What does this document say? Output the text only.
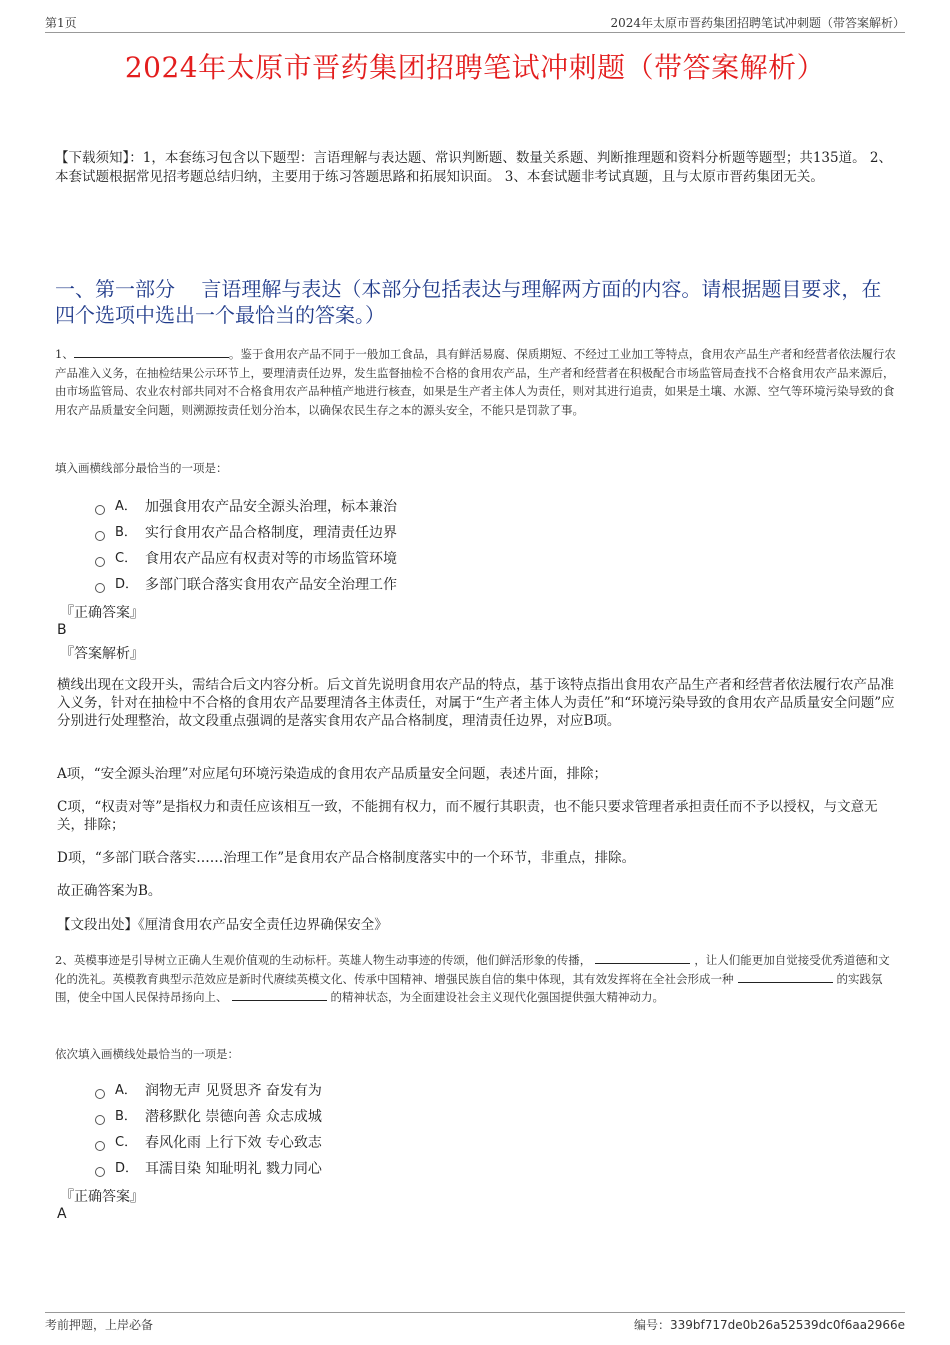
第1页	2024年太原市晋药集团招聘笔试冲刺题（带答案解析）
2024年太原市晋药集团招聘笔试冲刺题（带答案解析）
【下载须知】：1，本套练习包含以下题型：言语理解与表达题、常识判断题、数量关系题、判断推理题和资料分析题等题型；共135道。 2、本套试题根据常见招考题总结归纳，主要用于练习答题思路和拓展知识面。 3、本套试题非考试真题，且与太原市晋药集团无关。
一、第一部分　 言语理解与表达（本部分包括表达与理解两方面的内容。请根据题目要求，在四个选项中选出一个最恰当的答案。）
1、	。鉴于食用农产品不同于一般加工食品，具有鲜活易腐、保质期短、不经过工业加工等特点，食用农产品生产者和经营者依法履行农产品准入义务，在抽检结果公示环节上，要理清责任边界，发生监督抽检不合格的食用农产品，生产者和经营者在积极配合市场监管局查找不合格食用农产品来源后，由市场监管局、农业农村部共同对不合格食用农产品种植产地进行核查，如果是生产者主体人为责任，则对其进行追责，如果是土壤、水源、空气等环境污染导致的食用农产品质量安全问题，则溯源按责任划分治本，以确保农民生存之本的源头安全，不能只是罚款了事。
填入画横线部分最恰当的一项是：
A． 加强食用农产品安全源头治理，标本兼治
B． 实行食用农产品合格制度，理清责任边界
C． 食用农产品应有权责对等的市场监管环境
D． 多部门联合落实食用农产品安全治理工作
『正确答案』
B
『答案解析』
横线出现在文段开头，需结合后文内容分析。后文首先说明食用农产品的特点，基于该特点指出食用农产品生产者和经营者依法履行农产品准入义务，针对在抽检中不合格的食用农产品要理清各主体责任，对属于“生产者主体人为责任”和“环境污染导致的食用农产品质量安全问题”应分别进行处理整治，故文段重点强调的是落实食用农产品合格制度，理清责任边界，对应B项。
A项，“安全源头治理”对应尾句环境污染造成的食用农产品质量安全问题，表述片面，排除；
C项，“权责对等”是指权力和责任应该相互一致，不能拥有权力，而不履行其职责，也不能只要求管理者承担责任而不予以授权，与文意无关，排除；
D项，“多部门联合落实……治理工作”是食用农产品合格制度落实中的一个环节，非重点，排除。
故正确答案为B。
【文段出处】《厘清食用农产品安全责任边界确保安全》
2、英模事迹是引导树立正确人生观价值观的生动标杆。英雄人物生动事迹的传颂，他们鲜活形象的传播，	，让人们能更加自觉接受优秀道德和文化的洗礼。英模教育典型示范效应是新时代赓续英模文化、传承中国精神、增强民族自信的集中体现，其有效发挥将在全社会形成一种	的实践氛围，使全中国人民保持昂扬向上、	的精神状态，为全面建设社会主义现代化强国提供强大精神动力。
依次填入画横线处最恰当的一项是：
A． 润物无声 见贤思齐 奋发有为
B． 潜移默化 崇德向善 众志成城
C． 春风化雨 上行下效 专心致志
D． 耳濡目染 知耻明礼 戮力同心
『正确答案』
A
考前押题，上岸必备	编号：339bf717de0b26a52539dc0f6aa2966e
